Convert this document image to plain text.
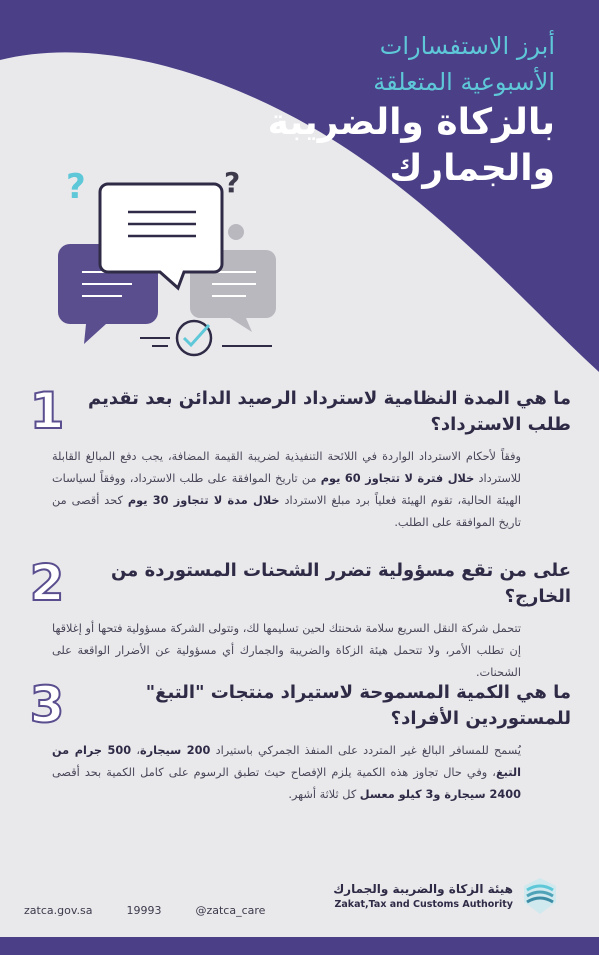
أبرز الاستفسارات
الأسبوعية المتعلقة
بالزكاة والضريبة
والجمارك
?	?
ما هي المدة النظامية لاسترداد الرصيد الدائن بعد تقديم طلب الاسترداد؟
1
وفقاً لأحكام الاسترداد الواردة في اللائحة التنفيذية لضريبة القيمة المضافة، يجب دفع المبالغ القابلة للاسترداد خلال فترة لا تتجاوز 60 يوم من تاريخ الموافقة على طلب الاسترداد، ووفقاً لسياسات الهيئة الحالية، تقوم الهيئة فعلياً برد مبلغ الاسترداد خلال مدة لا تتجاوز 30 يوم كحد أقصى من تاريخ الموافقة على الطلب.
على من تقع مسؤولية تضرر الشحنات المستوردة من الخارج؟
2
تتحمل شركة النقل السريع سلامة شحنتك لحين تسليمها لك، وتتولى الشركة مسؤولية فتحها أو إغلاقها إن تطلب الأمر، ولا تتحمل هيئة الزكاة والضريبة والجمارك أي مسؤولية عن الأضرار الواقعة على الشحنات.
ما هي الكمية المسموحة لاستيراد منتجات "التبغ" للمستوردين الأفراد؟
3
يُسمح للمسافر البالغ غير المتردد على المنفذ الجمركي باستيراد 200 سيجارة، 500 جرام من التبغ، وفي حال تجاوز هذه الكمية يلزم الإفصاح حيث تطبق الرسوم على كامل الكمية بحد أقصى 2400 سيجارة و3 كيلو معسل كل ثلاثة أشهر.
zatca.gov.sa	19993	@zatca_care
هيئة الزكاة والضريبة والجمارك
Zakat,Tax and Customs Authority
